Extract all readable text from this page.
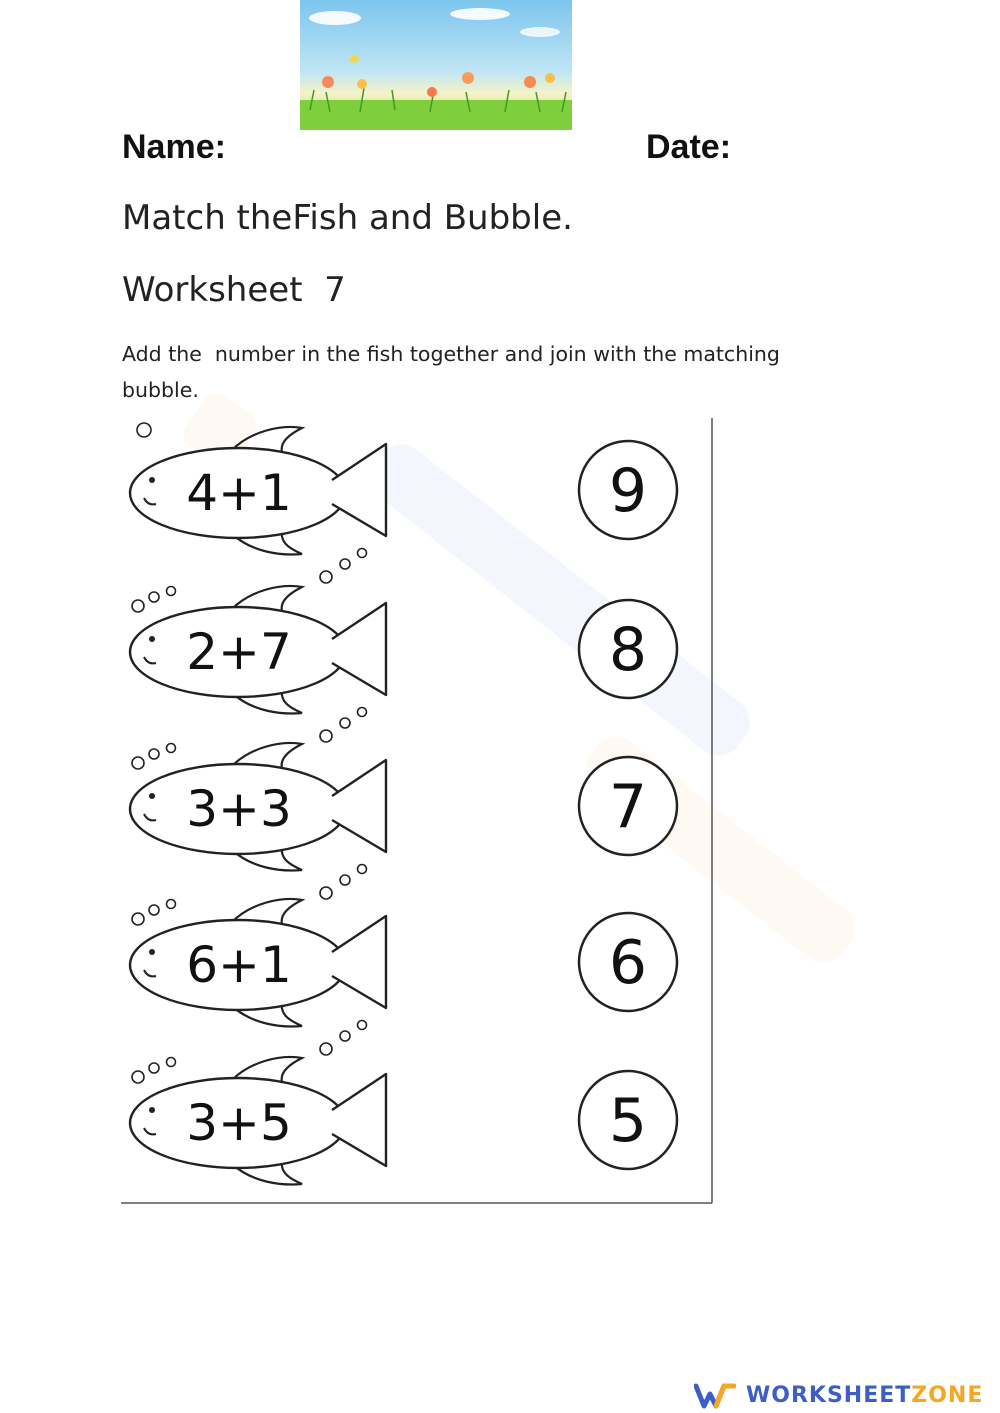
Name:	Date:
Match theFish and Bubble.
Worksheet  7
Add the  number in the fish together and join with the matching bubble.
4+1
2+7
3+3
6+1
3+5
9
8
7
6
5
WORKSHEET ZONE
